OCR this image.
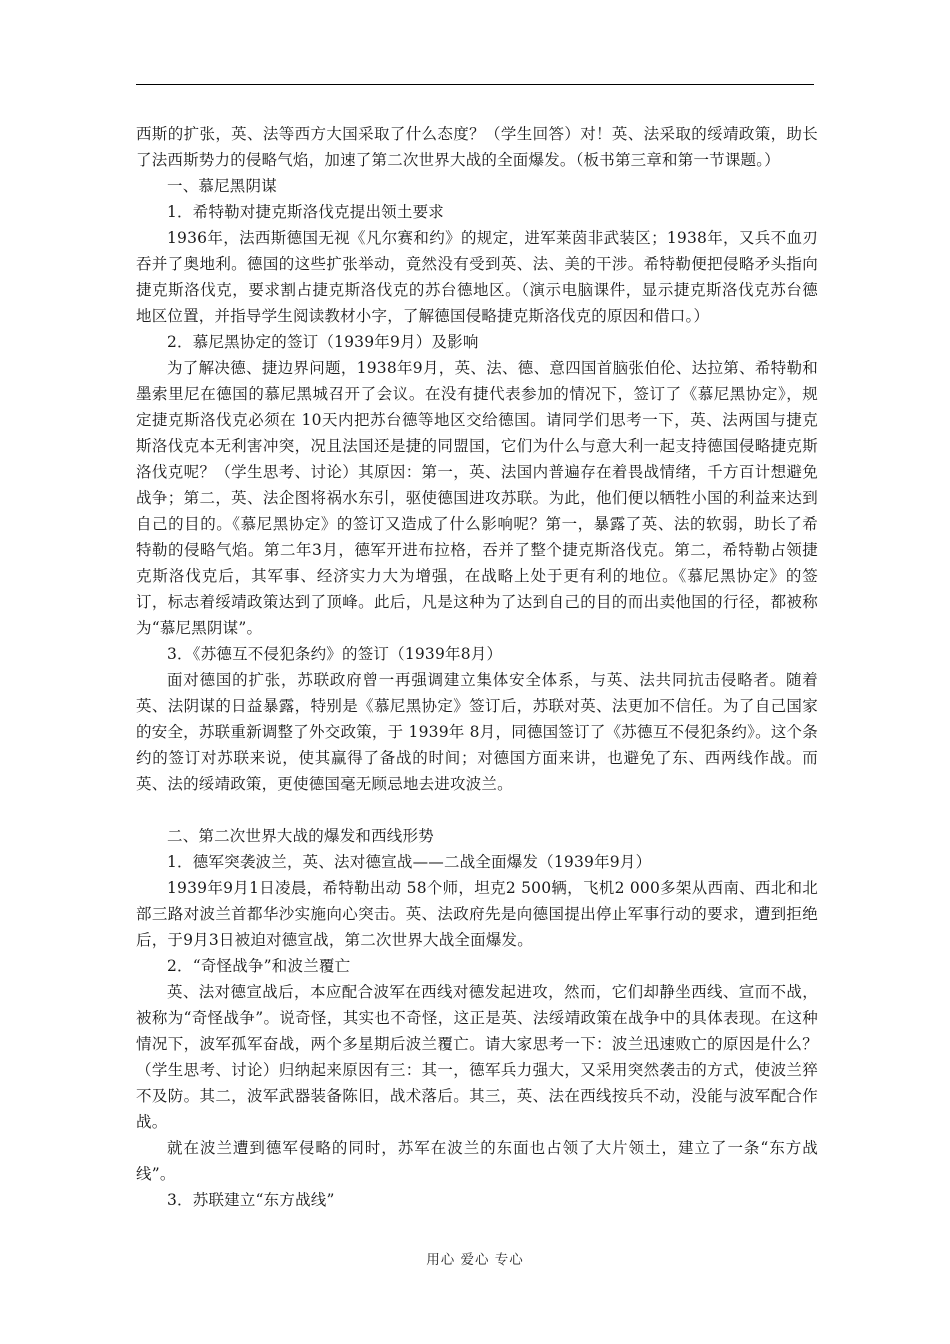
西斯的扩张，英、法等西方大国采取了什么态度？（学生回答）对！英、法采取的绥靖政策，助长了法西斯势力的侵略气焰，加速了第二次世界大战的全面爆发。（板书第三章和第一节课题。）

一、慕尼黑阴谋

1．希特勒对捷克斯洛伐克提出领土要求

1936年，法西斯德国无视《凡尔赛和约》的规定，进军莱茵非武装区；1938年，又兵不血刃吞并了奥地利。德国的这些扩张举动，竟然没有受到英、法、美的干涉。希特勒便把侵略矛头指向捷克斯洛伐克，要求割占捷克斯洛伐克的苏台德地区。（演示电脑课件，显示捷克斯洛伐克苏台德地区位置，并指导学生阅读教材小字，了解德国侵略捷克斯洛伐克的原因和借口。）

2．慕尼黑协定的签订（1939年9月）及影响

为了解决德、捷边界问题，1938年9月，英、法、德、意四国首脑张伯伦、达拉第、希特勒和墨索里尼在德国的慕尼黑城召开了会议。在没有捷代表参加的情况下，签订了《慕尼黑协定》，规定捷克斯洛伐克必须在 10天内把苏台德等地区交给德国。请同学们思考一下，英、法两国与捷克斯洛伐克本无利害冲突，况且法国还是捷的同盟国，它们为什么与意大利一起支持德国侵略捷克斯洛伐克呢？（学生思考、讨论）其原因：第一，英、法国内普遍存在着畏战情绪，千方百计想避免战争；第二，英、法企图将祸水东引，驱使德国进攻苏联。为此，他们便以牺牲小国的利益来达到自己的目的。《慕尼黑协定》的签订又造成了什么影响呢？第一，暴露了英、法的软弱，助长了希特勒的侵略气焰。第二年3月，德军开进布拉格，吞并了整个捷克斯洛伐克。第二，希特勒占领捷克斯洛伐克后，其军事、经济实力大为增强，在战略上处于更有利的地位。《慕尼黑协定》的签订，标志着绥靖政策达到了顶峰。此后，凡是这种为了达到自己的目的而出卖他国的行径，都被称为“慕尼黑阴谋”。

3．《苏德互不侵犯条约》的签订（1939年8月）

面对德国的扩张，苏联政府曾一再强调建立集体安全体系，与英、法共同抗击侵略者。随着英、法阴谋的日益暴露，特别是《慕尼黑协定》签订后，苏联对英、法更加不信任。为了自己国家的安全，苏联重新调整了外交政策，于 1939年 8月，同德国签订了《苏德互不侵犯条约》。这个条约的签订对苏联来说，使其赢得了备战的时间；对德国方面来讲，也避免了东、西两线作战。而英、法的绥靖政策，更使德国毫无顾忌地去进攻波兰。

二、第二次世界大战的爆发和西线形势

1．德军突袭波兰，英、法对德宣战——二战全面爆发（1939年9月）

1939年9月1日凌晨，希特勒出动 58个师，坦克2 500辆，飞机2 000多架从西南、西北和北部三路对波兰首都华沙实施向心突击。英、法政府先是向德国提出停止军事行动的要求，遭到拒绝后，于9月3日被迫对德宣战，第二次世界大战全面爆发。

2．“奇怪战争”和波兰覆亡

英、法对德宣战后，本应配合波军在西线对德发起进攻，然而，它们却静坐西线、宣而不战，被称为“奇怪战争”。说奇怪，其实也不奇怪，这正是英、法绥靖政策在战争中的具体表现。在这种情况下，波军孤军奋战，两个多星期后波兰覆亡。请大家思考一下：波兰迅速败亡的原因是什么？（学生思考、讨论）归纳起来原因有三：其一，德军兵力强大，又采用突然袭击的方式，使波兰猝不及防。其二，波军武器装备陈旧，战术落后。其三，英、法在西线按兵不动，没能与波军配合作战。

就在波兰遭到德军侵略的同时，苏军在波兰的东面也占领了大片领土，建立了一条“东方战线”。

3．苏联建立“东方战线”

用心 爱心 专心
